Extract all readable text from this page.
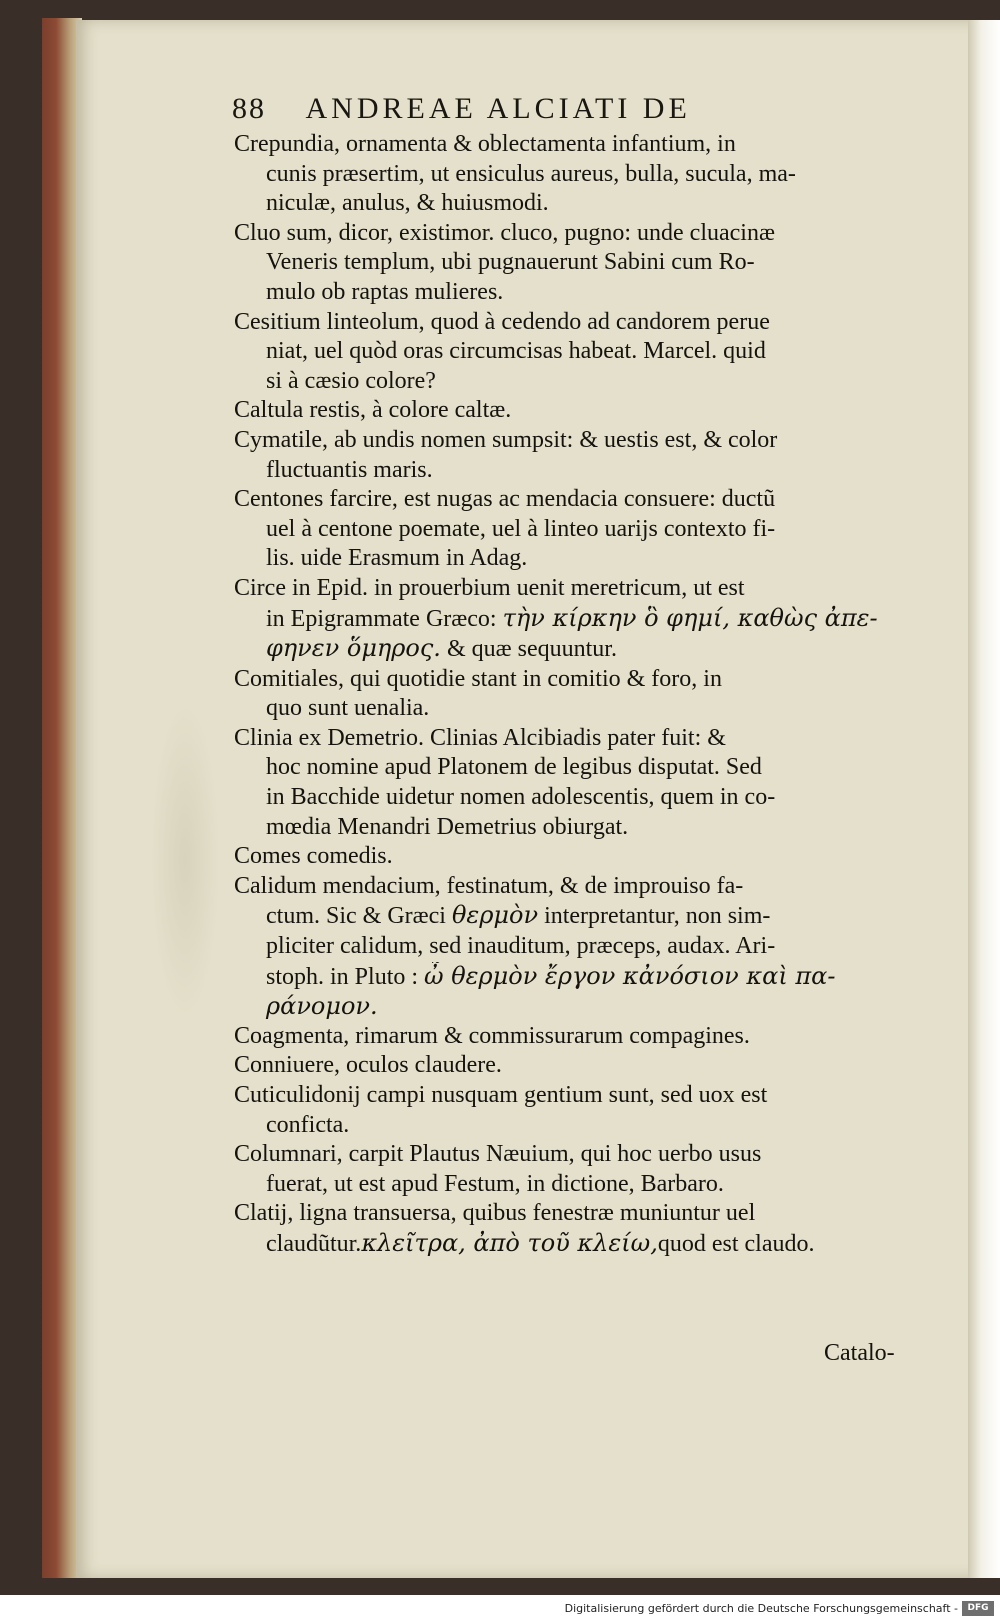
88 ANDREAE ALCIATI DE
Crepundia, ornamenta & oblectamenta infantium, in
cunis præsertim, ut ensiculus aureus, bulla, sucula, ma-
niculæ, anulus, & huiusmodi.
Cluo sum, dicor, existimor. cluco, pugno: unde cluacinæ
Veneris templum, ubi pugnauerunt Sabini cum Ro-
mulo ob raptas mulieres.
Cesitium linteolum, quod à cedendo ad candorem perue
niat, uel quòd oras circumcisas habeat. Marcel. quid
si à cæsio colore?
Caltula restis, à colore caltæ.
Cymatile, ab undis nomen sumpsit: & uestis est, & color
fluctuantis maris.
Centones farcire, est nugas ac mendacia consuere: ductũ
uel à centone poemate, uel à linteo uarijs contexto fi-
lis. uide Erasmum in Adag.
Circe in Epid. in prouerbium uenit meretricum, ut est
in Epigrammate Græco: τὴν κίρκην ὃ φημί, καθὼς ἀπε-
φηνεν ὅμηρος. & quæ sequuntur.
Comitiales, qui quotidie stant in comitio & foro, in
quo sunt uenalia.
Clinia ex Demetrio. Clinias Alcibiadis pater fuit: &
hoc nomine apud Platonem de legibus disputat. Sed
in Bacchide uidetur nomen adolescentis, quem in co-
mœdia Menandri Demetrius obiurgat.
Comes comedis.
Calidum mendacium, festinatum, & de improuiso fa-
ctum. Sic & Græci θερμὸν interpretantur, non sim-
pliciter calidum, sed inauditum, præceps, audax. Ari-
stoph. in Pluto : ὦ θερμὸν ἔργον κἀνόσιον καὶ πα-
ράνομον.
Coagmenta, rimarum & commissurarum compagines.
Conniuere, oculos claudere.
Cuticulidonij campi nusquam gentium sunt, sed uox est
conficta.
Columnari, carpit Plautus Næuium, qui hoc uerbo usus
fuerat, ut est apud Festum, in dictione, Barbaro.
Clatij, ligna transuersa, quibus fenestræ muniuntur uel
claudũtur.κλεῖτρα, ἀπὸ τοῦ κλείω,quod est claudo.
Catalo-
Digitalisierung gefördert durch die Deutsche Forschungsgemeinschaft -	DFG
